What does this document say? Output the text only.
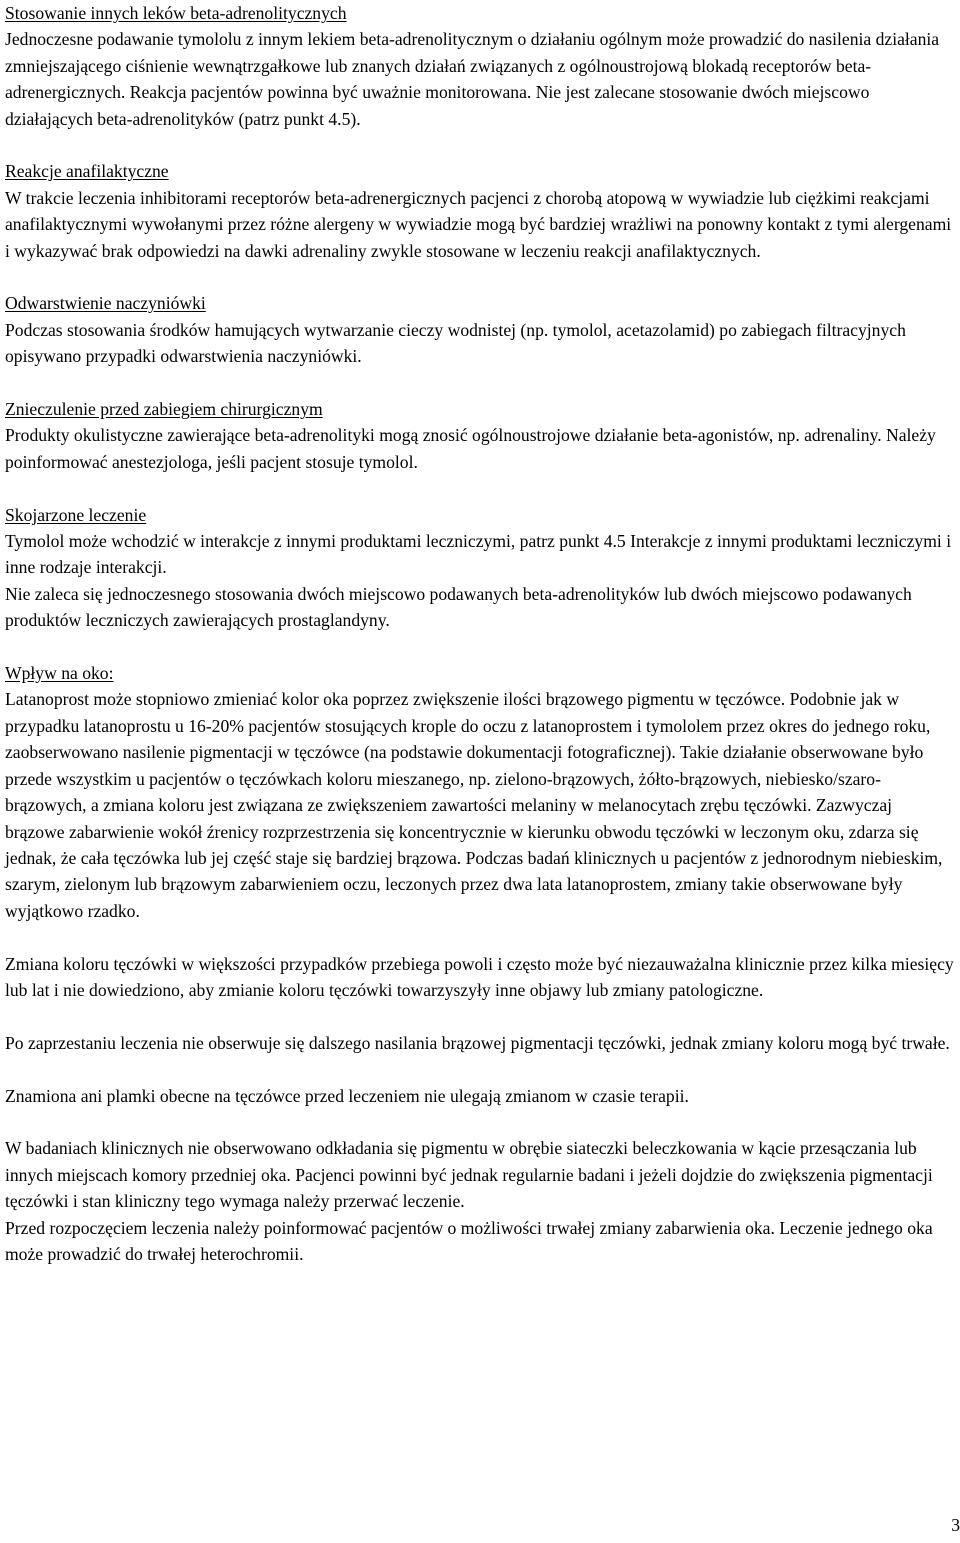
Stosowanie innych leków beta-adrenolitycznych

Jednoczesne podawanie tymololu z innym lekiem beta-adrenolitycznym o działaniu ogólnym może prowadzić do nasilenia działania zmniejszającego ciśnienie wewnątrzgałkowe lub znanych działań związanych z ogólnoustrojową blokadą receptorów beta-adrenergicznych. Reakcja pacjentów powinna być uważnie monitorowana. Nie jest zalecane stosowanie dwóch miejscowo działających beta-adrenolityków (patrz punkt 4.5).

Reakcje anafilaktyczne

W trakcie leczenia inhibitorami receptorów beta-adrenergicznych pacjenci z chorobą atopową w wywiadzie lub ciężkimi reakcjami anafilaktycznymi wywołanymi przez różne alergeny w wywiadzie mogą być bardziej wrażliwi na ponowny kontakt z tymi alergenami i wykazywać brak odpowiedzi na dawki adrenaliny zwykle stosowane w leczeniu reakcji anafilaktycznych.

Odwarstwienie naczyniówki

Podczas stosowania środków hamujących wytwarzanie cieczy wodnistej (np. tymolol, acetazolamid) po zabiegach filtracyjnych opisywano przypadki odwarstwienia naczyniówki.

Znieczulenie przed zabiegiem chirurgicznym

Produkty okulistyczne zawierające beta-adrenolityki mogą znosić ogólnoustrojowe działanie beta-agonistów, np. adrenaliny. Należy poinformować anestezjologa, jeśli pacjent stosuje tymolol.

Skojarzone leczenie

Tymolol może wchodzić w interakcje z innymi produktami leczniczymi, patrz punkt 4.5 Interakcje z innymi produktami leczniczymi i inne rodzaje interakcji.

Nie zaleca się jednoczesnego stosowania dwóch miejscowo podawanych beta-adrenolityków lub dwóch miejscowo podawanych produktów leczniczych zawierających prostaglandyny.

Wpływ na oko:

Latanoprost może stopniowo zmieniać kolor oka poprzez zwiększenie ilości brązowego pigmentu w tęczówce. Podobnie jak w przypadku latanoprostu u 16-20% pacjentów stosujących krople do oczu z latanoprostem i tymololem przez okres do jednego roku, zaobserwowano nasilenie pigmentacji w tęczówce (na podstawie dokumentacji fotograficznej). Takie działanie obserwowane było przede wszystkim u pacjentów o tęczówkach koloru mieszanego, np. zielono-brązowych, żółto-brązowych, niebiesko/szaro-brązowych, a zmiana koloru jest związana ze zwiększeniem zawartości melaniny w melanocytach zrębu tęczówki. Zazwyczaj brązowe zabarwienie wokół źrenicy rozprzestrzenia się koncentrycznie w kierunku obwodu tęczówki w leczonym oku, zdarza się jednak, że cała tęczówka lub jej część staje się bardziej brązowa. Podczas badań klinicznych u pacjentów z jednorodnym niebieskim, szarym, zielonym lub brązowym zabarwieniem oczu, leczonych przez dwa lata latanoprostem, zmiany takie obserwowane były wyjątkowo rzadko.

Zmiana koloru tęczówki w większości przypadków przebiega powoli i często może być niezauważalna klinicznie przez kilka miesięcy lub lat i nie dowiedziono, aby zmianie koloru tęczówki towarzyszyły inne objawy lub zmiany patologiczne.

Po zaprzestaniu leczenia nie obserwuje się dalszego nasilania brązowej pigmentacji tęczówki, jednak zmiany koloru mogą być trwałe.

Znamiona ani plamki obecne na tęczówce przed leczeniem nie ulegają zmianom w czasie terapii.

W badaniach klinicznych nie obserwowano odkładania się pigmentu w obrębie siateczki beleczkowania w kącie przesączania lub innych miejscach komory przedniej oka. Pacjenci powinni być jednak regularnie badani i jeżeli dojdzie do zwiększenia pigmentacji tęczówki i stan kliniczny tego wymaga należy przerwać leczenie.

Przed rozpoczęciem leczenia należy poinformować pacjentów o możliwości trwałej zmiany zabarwienia oka. Leczenie jednego oka może prowadzić do trwałej heterochromii.

3
